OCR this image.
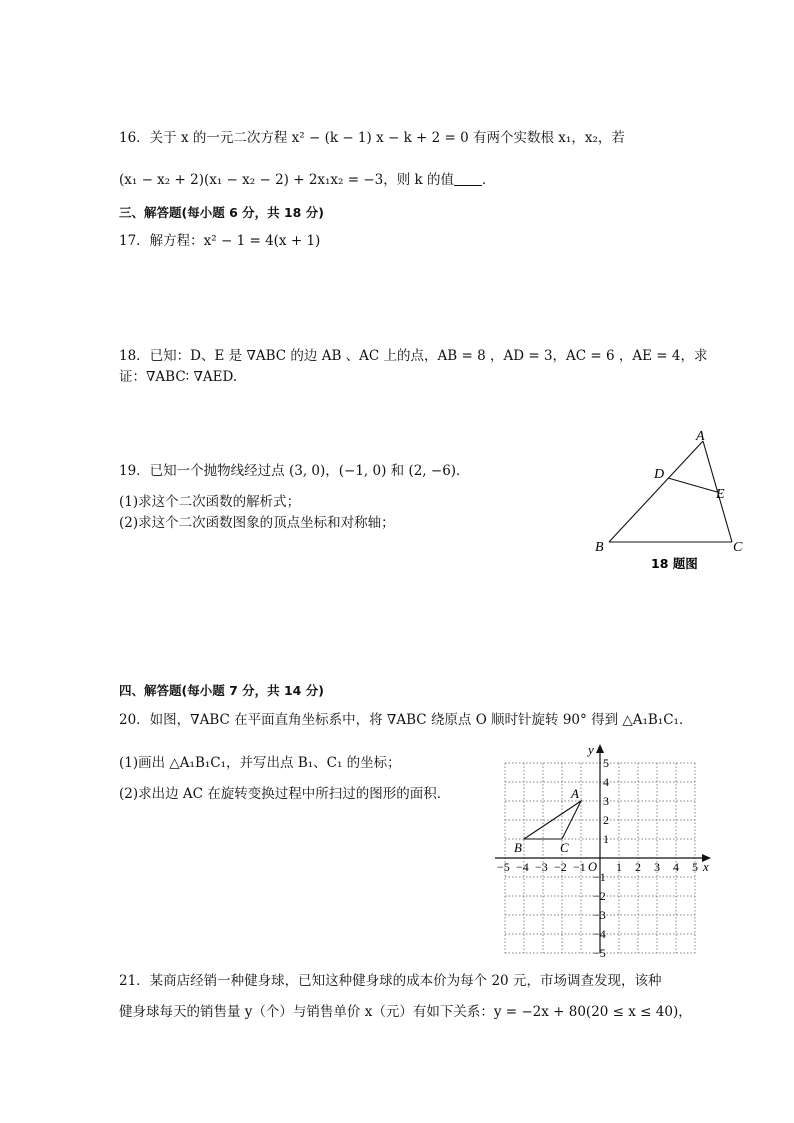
16．关于 x 的一元二次方程 x² − (k − 1) x − k + 2 = 0 有两个实数根 x₁，x₂，若
(x₁ − x₂ + 2)(x₁ − x₂ − 2) + 2x₁x₂ = −3，则 k 的值 ．
三、解答题(每小题 6 分，共 18 分)
17．解方程：x² − 1 = 4(x + 1)
18．已知：D、E 是 ∇ABC 的边 AB 、AC 上的点，AB = 8 ，AD = 3，AC = 6 ，AE = 4，求
证：∇ABC∶ ∇AED.
19．已知一个抛物线经过点 (3, 0)，(−1, 0) 和 (2, −6)．
(1)求这个二次函数的解析式；
(2)求这个二次函数图象的顶点坐标和对称轴；
A
B	C
D
E
18 题图
四、解答题(每小题 7 分，共 14 分)
20．如图，∇ABC 在平面直角坐标系中，将 ∇ABC 绕原点 O 顺时针旋转 90° 得到 △A₁B₁C₁．
(1)画出 △A₁B₁C₁，并写出点 B₁、C₁ 的坐标；
(2)求出边 AC 在旋转变换过程中所扫过的图形的面积．
x
y
O
−5 −4 −3 −2 −1	1 2 3 4 5
5
4
3
2
1
−1
−2
−3
−4
−5
A
B	C
21．某商店经销一种健身球，已知这种健身球的成本价为每个 20 元，市场调查发现，该种
健身球每天的销售量 y（个）与销售单价 x（元）有如下关系：y = −2x + 80(20 ≤ x ≤ 40)，
